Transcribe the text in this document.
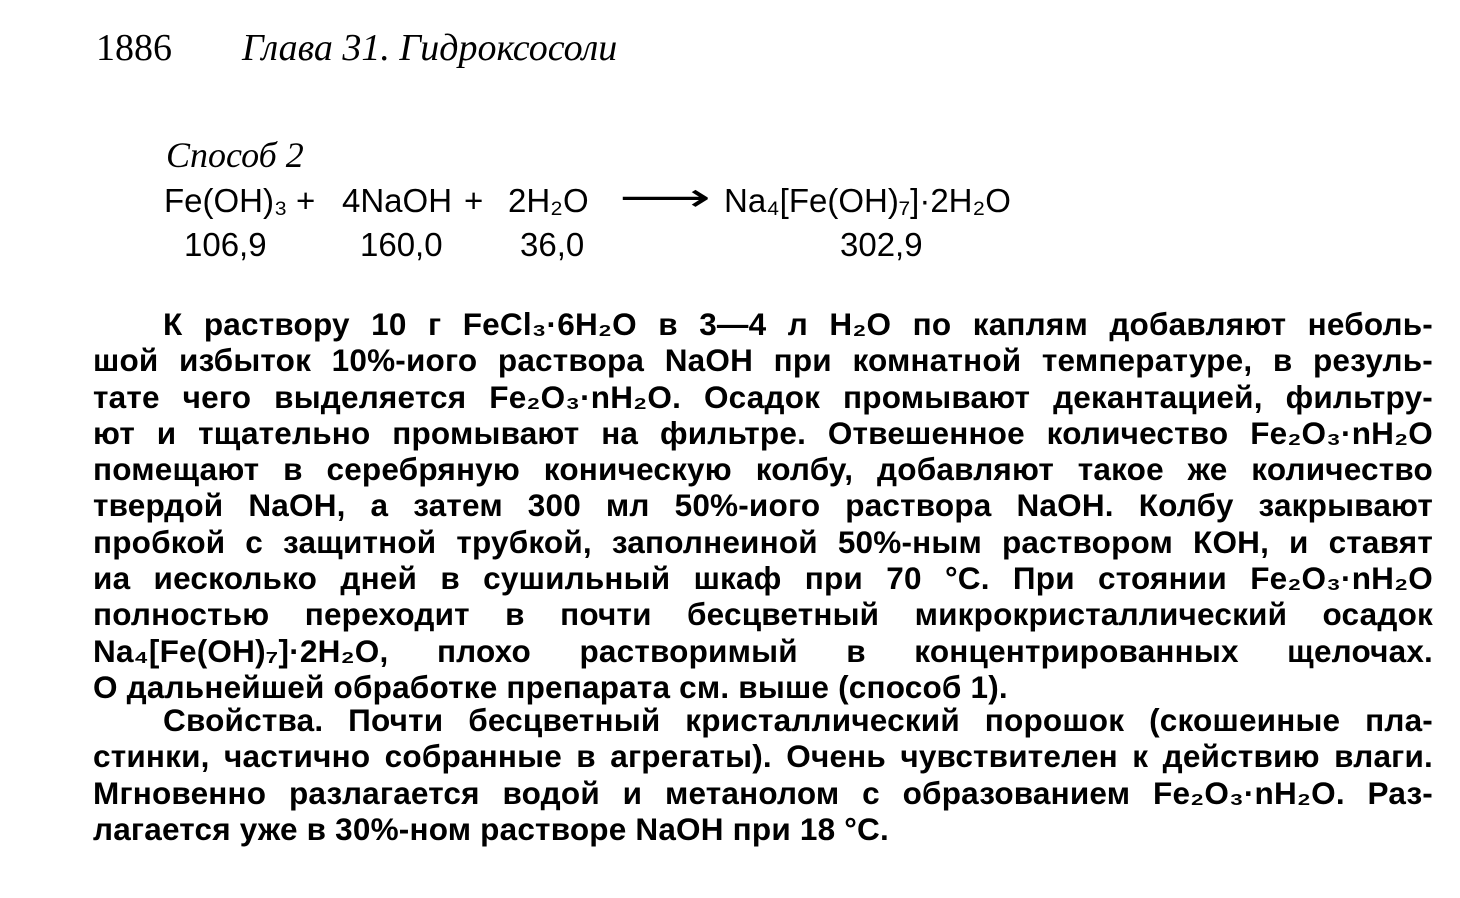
1886 Глава 31. Гидроксосоли
Способ 2
Fe(OH)₃ + 4NaOH + 2H₂O ⟶ Na₄[Fe(OH)₇]·2H₂O
106,9	160,0 36,0	302,9
К раствору 10 г FeCl₃·6H₂O в 3—4 л H₂O по каплям добавляют неболь-
шой избыток 10%-иого раствора NaOH при комнатной температуре, в резуль-
тате чего выделяется Fe₂O₃·nH₂O. Осадок промывают декантацией, фильтру-
ют и тщательно промывают на фильтре. Отвешенное количество Fe₂O₃·nH₂O
помещают в серебряную коническую колбу, добавляют такое же количество
твердой NaOH, а затем 300 мл 50%-иого раствора NaOH. Колбу закрывают
пробкой с защитной трубкой, заполнеиной 50%-ным раствором КОН, и ставят
иа иесколько дней в сушильный шкаф при 70 °С. При стоянии Fe₂O₃·nH₂O
полностью переходит в почти бесцветный микрокристаллический осадок
Na₄[Fe(OH)₇]·2H₂O, плохо растворимый в концентрированных щелочах.
О дальнейшей обработке препарата см. выше (способ 1).
Свойства. Почти бесцветный кристаллический порошок (скошеиные пла-
стинки, частично собранные в агрегаты). Очень чувствителен к действию влаги.
Мгновенно разлагается водой и метанолом с образованием Fe₂O₃·nH₂O. Раз-
лагается уже в 30%-ном растворе NaOH при 18 °С.
